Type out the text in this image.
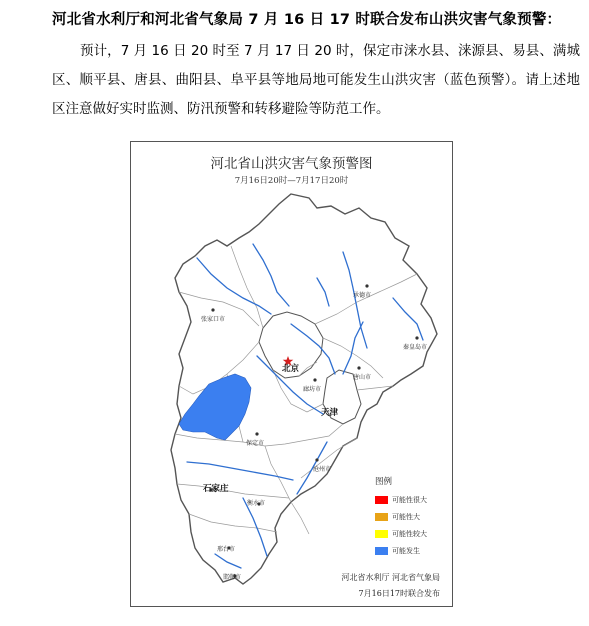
河北省水利厅和河北省气象局 7 月 16 日 17 时联合发布山洪灾害气象预警：

预计，7 月 16 日 20 时至 7 月 17 日 20 时，保定市涞水县、涞源县、易县、满城区、顺平县、唐县、曲阳县、阜平县等地局地可能发生山洪灾害（蓝色预警）。请上述地区注意做好实时监测、防汛预警和转移避险等防范工作。

河北省山洪灾害气象预警图
7月16日20时—7月17日20时
承德市
张家口市
秦皇岛市
北京
唐山市
廊坊市
天津
保定市
沧州市
石家庄
衡水市
邢台市
邯郸市
图例
可能性很大
可能性大
可能性较大
可能发生
河北省水利厅 河北省气象局
7月16日17时联合发布
